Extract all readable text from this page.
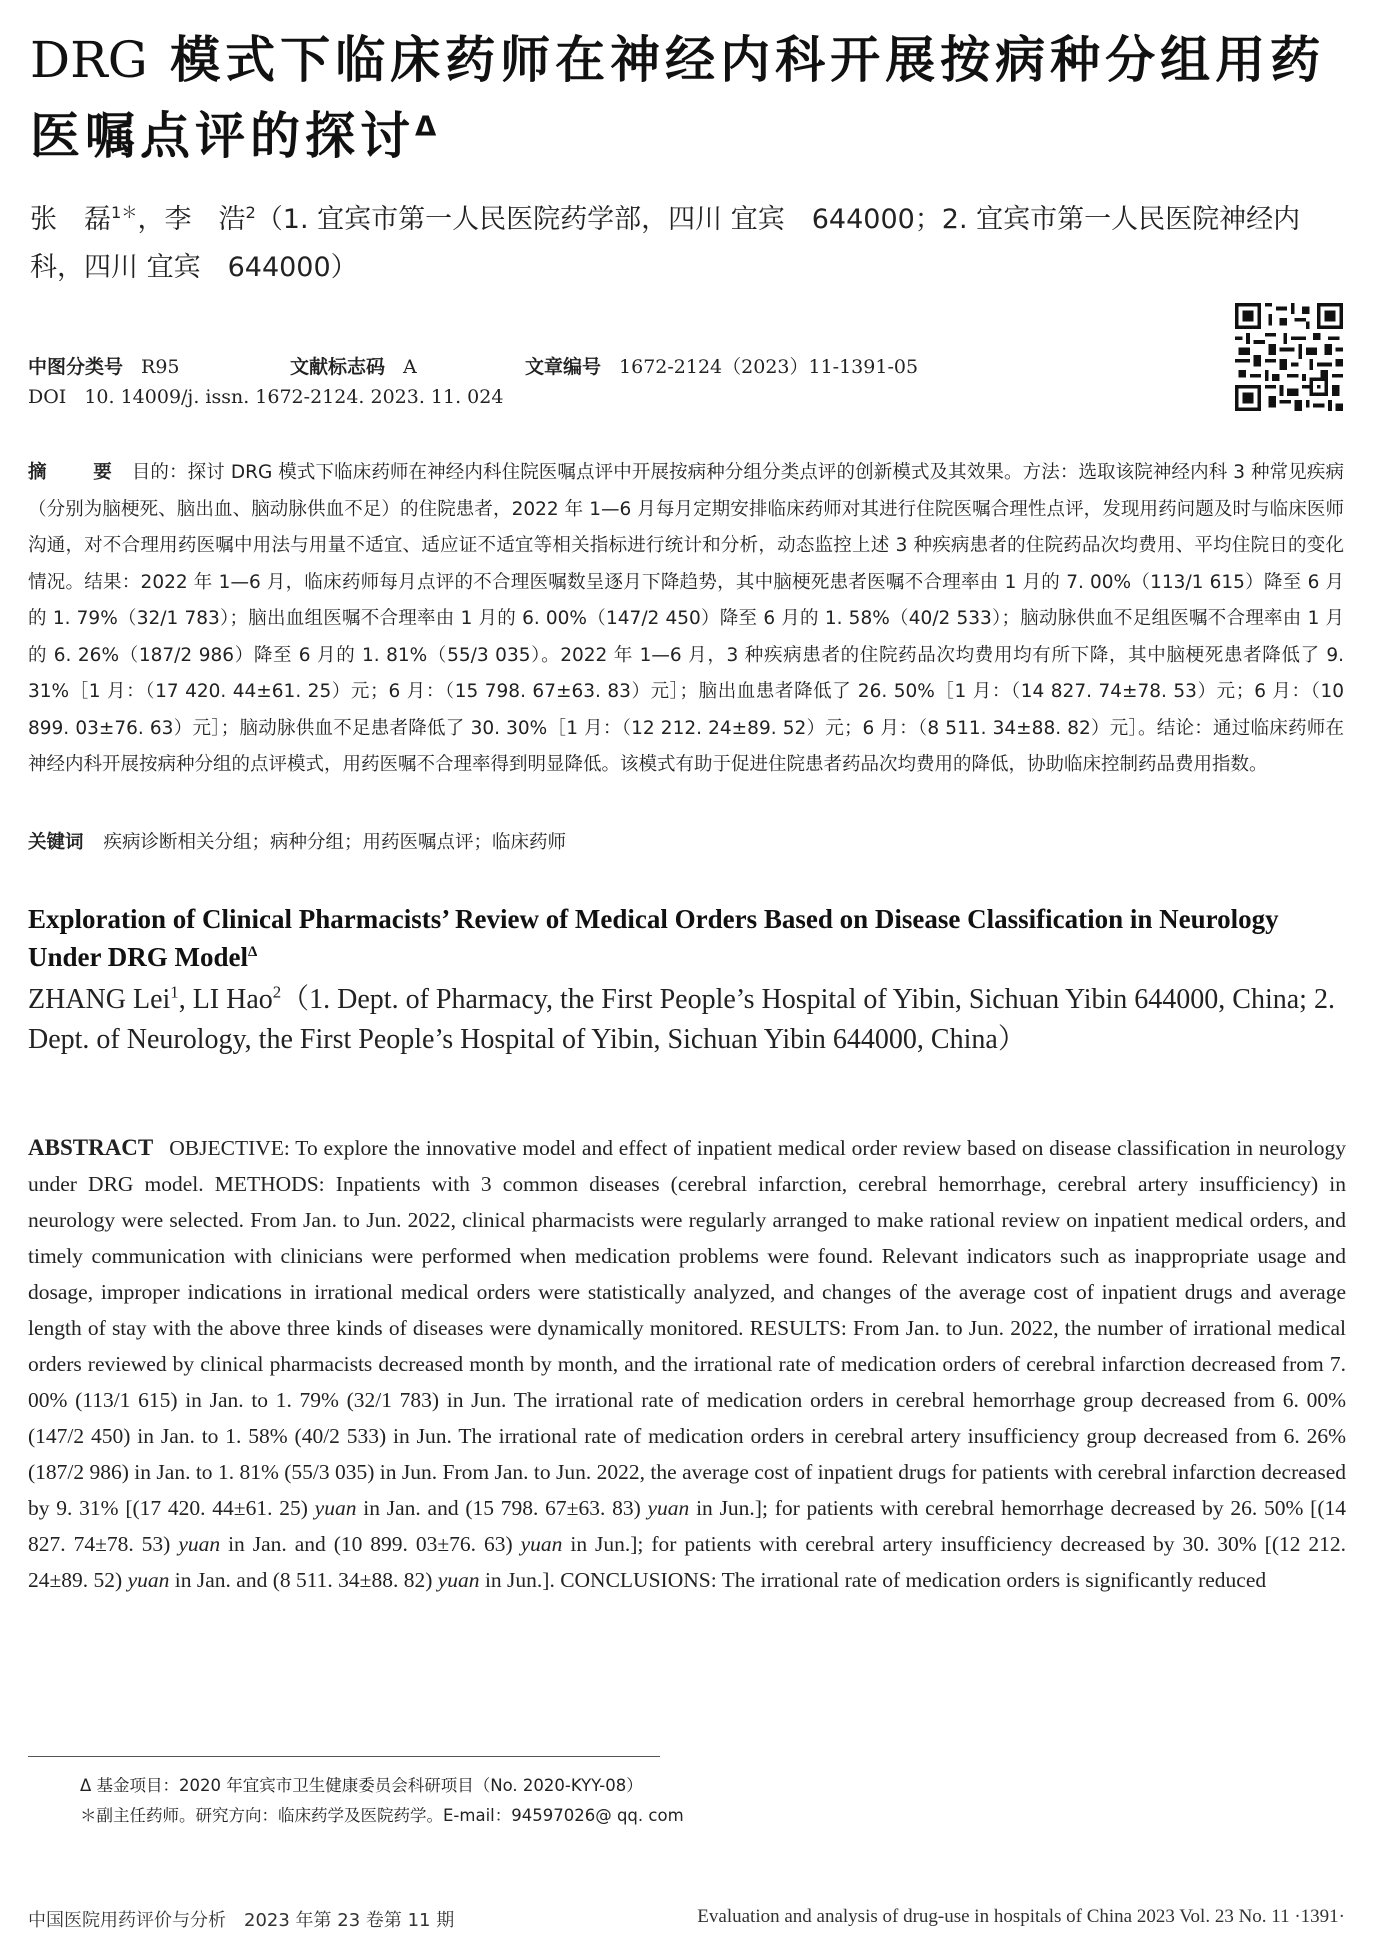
DRG 模式下临床药师在神经内科开展按病种分组用药医嘱点评的探讨$^\Delta$
张　磊$^{1*}$，李　浩$^2$（1. 宜宾市第一人民医院药学部，四川 宜宾　644000；2. 宜宾市第一人民医院神经内科，四川 宜宾　644000）
中图分类号 R95	文献标志码 A	文章编号 1672-2124（2023）11-1391-05
DOI 10. 14009/j. issn. 1672-2124. 2023. 11. 024
摘　要 目的：探讨 DRG 模式下临床药师在神经内科住院医嘱点评中开展按病种分组分类点评的创新模式及其效果。方法：选取该院神经内科 3 种常见疾病（分别为脑梗死、脑出血、脑动脉供血不足）的住院患者，2022 年 1—6 月每月定期安排临床药师对其进行住院医嘱合理性点评，发现用药问题及时与临床医师沟通，对不合理用药医嘱中用法与用量不适宜、适应证不适宜等相关指标进行统计和分析，动态监控上述 3 种疾病患者的住院药品次均费用、平均住院日的变化情况。结果：2022 年 1—6 月，临床药师每月点评的不合理医嘱数呈逐月下降趋势，其中脑梗死患者医嘱不合理率由 1 月的 7. 00%（113/1 615）降至 6 月的 1. 79%（32/1 783）；脑出血组医嘱不合理率由 1 月的 6. 00%（147/2 450）降至 6 月的 1. 58%（40/2 533）；脑动脉供血不足组医嘱不合理率由 1 月的 6. 26%（187/2 986）降至 6 月的 1. 81%（55/3 035）。2022 年 1—6 月，3 种疾病患者的住院药品次均费用均有所下降，其中脑梗死患者降低了 9. 31%［1 月：（17 420. 44±61. 25）元；6 月：（15 798. 67±63. 83）元］；脑出血患者降低了 26. 50%［1 月：（14 827. 74±78. 53）元；6 月：（10 899. 03±76. 63）元］；脑动脉供血不足患者降低了 30. 30%［1 月：（12 212. 24±89. 52）元；6 月：（8 511. 34±88. 82）元］。结论：通过临床药师在神经内科开展按病种分组的点评模式，用药医嘱不合理率得到明显降低。该模式有助于促进住院患者药品次均费用的降低，协助临床控制药品费用指数。
关键词 疾病诊断相关分组；病种分组；用药医嘱点评；临床药师
Exploration of Clinical Pharmacists’ Review of Medical Orders Based on Disease Classification in Neurology Under DRG Model$^\Delta$
ZHANG Lei$^1$, LI Hao$^2$（1. Dept. of Pharmacy, the First People’s Hospital of Yibin, Sichuan Yibin 644000, China; 2. Dept. of Neurology, the First People’s Hospital of Yibin, Sichuan Yibin 644000, China）
ABSTRACT OBJECTIVE: To explore the innovative model and effect of inpatient medical order review based on disease classification in neurology under DRG model. METHODS: Inpatients with 3 common diseases (cerebral infarction, cerebral hemorrhage, cerebral artery insufficiency) in neurology were selected. From Jan. to Jun. 2022, clinical pharmacists were regularly arranged to make rational review on inpatient medical orders, and timely communication with clinicians were performed when medication problems were found. Relevant indicators such as inappropriate usage and dosage, improper indications in irrational medical orders were statistically analyzed, and changes of the average cost of inpatient drugs and average length of stay with the above three kinds of diseases were dynamically monitored. RESULTS: From Jan. to Jun. 2022, the number of irrational medical orders reviewed by clinical pharmacists decreased month by month, and the irrational rate of medication orders of cerebral infarction decreased from 7. 00% (113/1 615) in Jan. to 1. 79% (32/1 783) in Jun. The irrational rate of medication orders in cerebral hemorrhage group decreased from 6. 00% (147/2 450) in Jan. to 1. 58% (40/2 533) in Jun. The irrational rate of medication orders in cerebral artery insufficiency group decreased from 6. 26% (187/2 986) in Jan. to 1. 81% (55/3 035) in Jun. From Jan. to Jun. 2022, the average cost of inpatient drugs for patients with cerebral infarction decreased by 9. 31% [(17 420. 44±61. 25) yuan in Jan. and (15 798. 67±63. 83) yuan in Jun.]; for patients with cerebral hemorrhage decreased by 26. 50% [(14 827. 74±78. 53) yuan in Jan. and (10 899. 03±76. 63) yuan in Jun.]; for patients with cerebral artery insufficiency decreased by 30. 30% [(12 212. 24±89. 52) yuan in Jan. and (8 511. 34±88. 82) yuan in Jun.]. CONCLUSIONS: The irrational rate of medication orders is significantly reduced
Δ 基金项目：2020 年宜宾市卫生健康委员会科研项目（No. 2020-KYY-08）
＊副主任药师。研究方向：临床药学及医院药学。E-mail：94597026@ qq. com
中国医院用药评价与分析　2023 年第 23 卷第 11 期	Evaluation and analysis of drug-use in hospitals of China 2023 Vol. 23 No. 11 ·1391·
